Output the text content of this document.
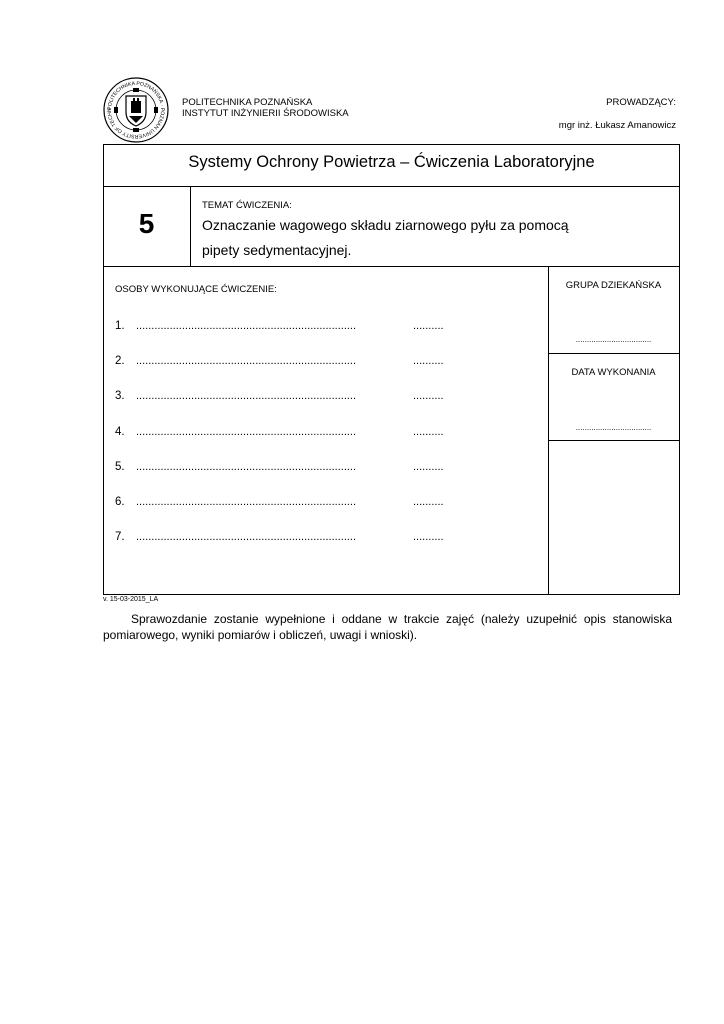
POLITECHNIKA POZNAŃSKA · POZNAN UNIVERSITY OF TECHN
POLITECHNIKA POZNAŃSKA
INSTYTUT INŻYNIERII ŚRODOWISKA
PROWADZĄCY:
mgr inż. Łukasz Amanowicz
Systemy Ochrony Powietrza – Ćwiczenia Laboratoryjne
5
TEMAT ĆWICZENIA:
Oznaczanie wagowego składu ziarnowego pyłu za pomocą
pipety sedymentacyjnej.
OSOBY WYKONUJĄCE ĆWICZENIE:	GRUPA DZIEKAŃSKA
..................................
DATA WYKONANIA
..................................
1. ........................................................................	..........
2. ........................................................................	..........
3. ........................................................................	..........
4. ........................................................................	..........
5. ........................................................................	..........
6. ........................................................................	..........
7. ........................................................................	..........
v. 15-03-2015_LA
Sprawozdanie zostanie wypełnione i oddane w trakcie zajęć (należy uzupełnić opis stanowiska pomiarowego, wyniki pomiarów i obliczeń, uwagi i wnioski).
